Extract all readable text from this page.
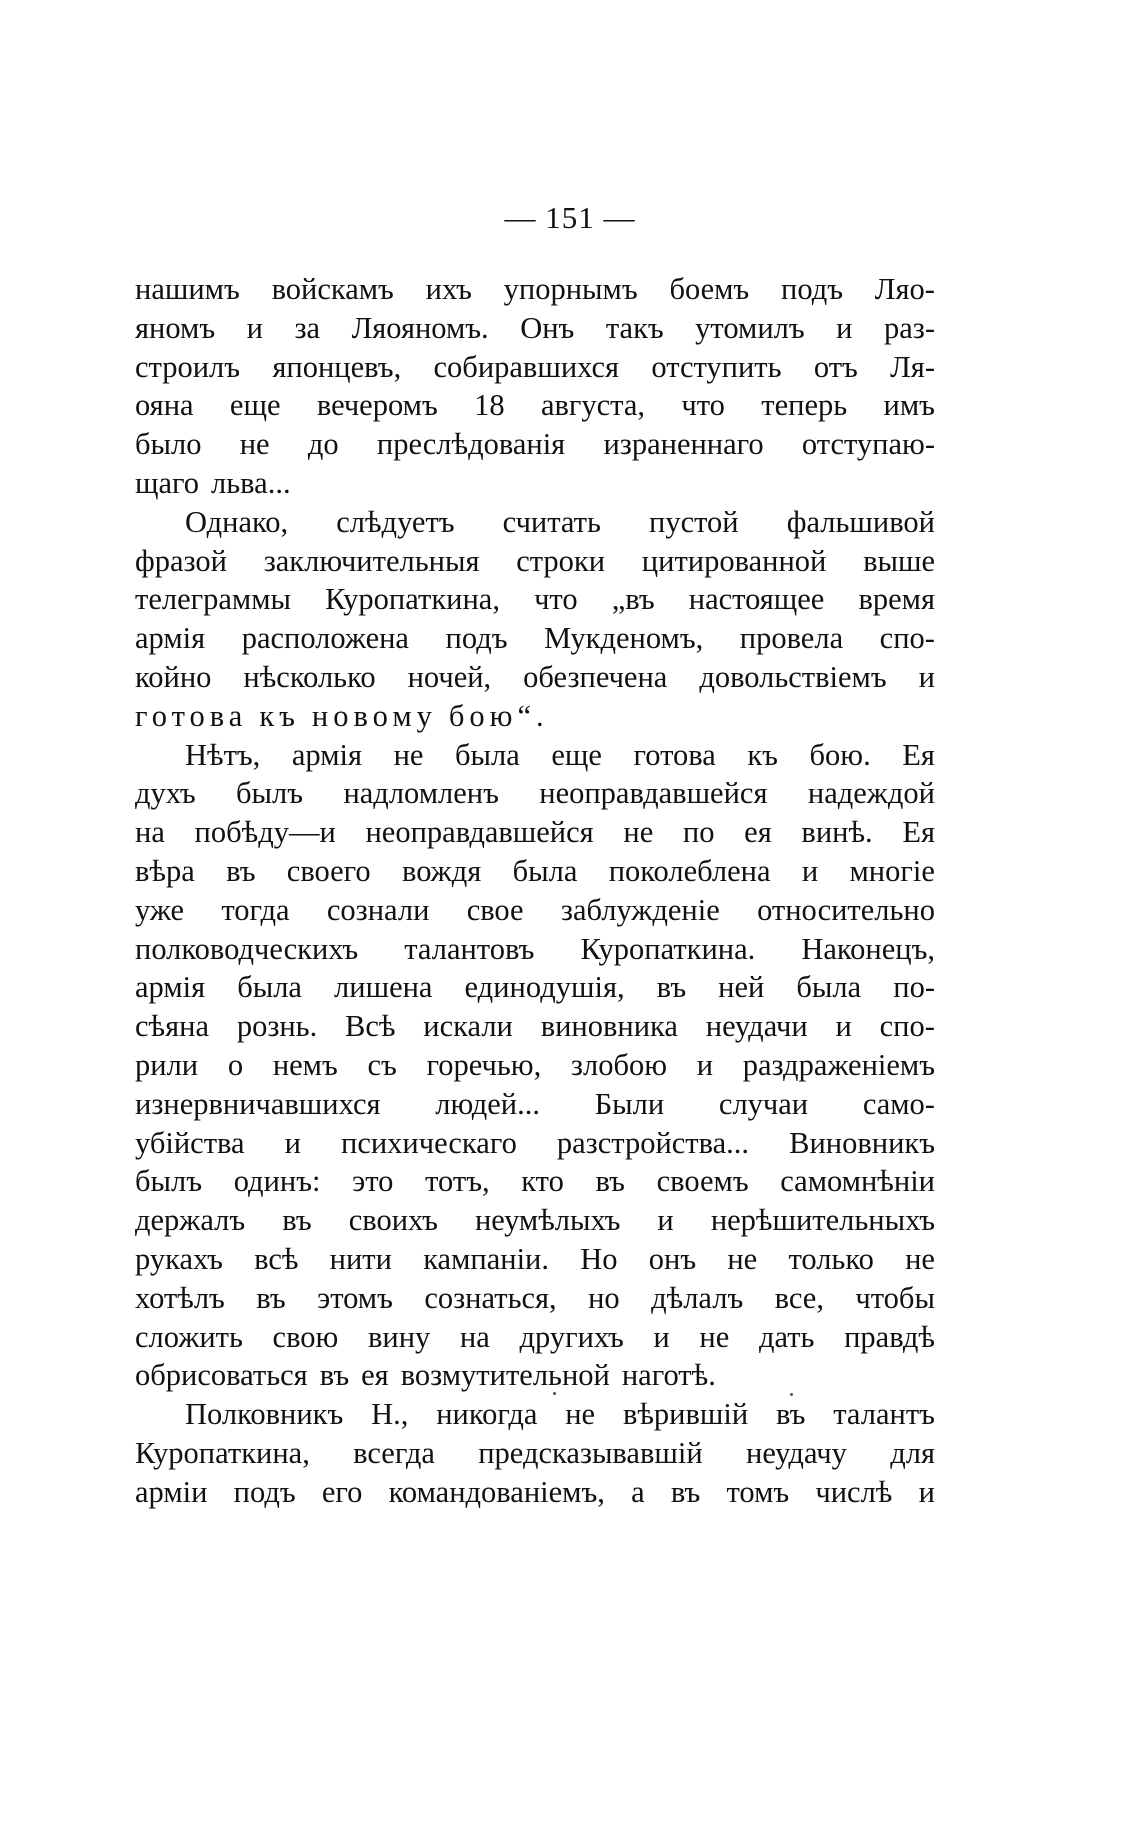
— 151 —
нашимъ войскамъ ихъ упорнымъ боемъ подъ Ляо-
яномъ и за Ляояномъ. Онъ такъ утомилъ и раз-
строилъ японцевъ, собиравшихся отступить отъ Ля-
ояна еще вечеромъ 18 августа, что теперь имъ
было не до преслѣдованія израненнаго отступаю-
щаго льва...
Однако, слѣдуетъ считать пустой фальшивой
фразой заключительныя строки цитированной выше
телеграммы Куропаткина, что „въ настоящее время
армія расположена подъ Мукденомъ, провела спо-
койно нѣсколько ночей, обезпечена довольствіемъ и
готова къ новому бою“.
Нѣтъ, армія не была еще готова къ бою. Ея
духъ былъ надломленъ неоправдавшейся надеждой
на побѣду—и неоправдавшейся не по ея винѣ. Ея
вѣра въ своего вождя была поколеблена и многіе
уже тогда сознали свое заблужденіе относительно
полководческихъ талантовъ Куропаткина. Наконецъ,
армія была лишена единодушія, въ ней была по-
сѣяна рознь. Всѣ искали виновника неудачи и спо-
рили о немъ съ горечью, злобою и раздраженіемъ
изнервничавшихся людей... Были случаи само-
убійства и психическаго разстройства... Виновникъ
былъ одинъ: это тотъ, кто въ своемъ самомнѣніи
держалъ въ своихъ неумѣлыхъ и нерѣшительныхъ
рукахъ всѣ нити кампаніи. Но онъ не только не
хотѣлъ въ этомъ сознаться, но дѣлалъ все, чтобы
сложить свою вину на другихъ и не дать правдѣ
обрисоваться въ ея возмутительной наготѣ.
Полковникъ Н., никогда не вѣрившій въ талантъ
Куропаткина, всегда предсказывавшій неудачу для
арміи подъ его командованіемъ, а въ томъ числѣ и
